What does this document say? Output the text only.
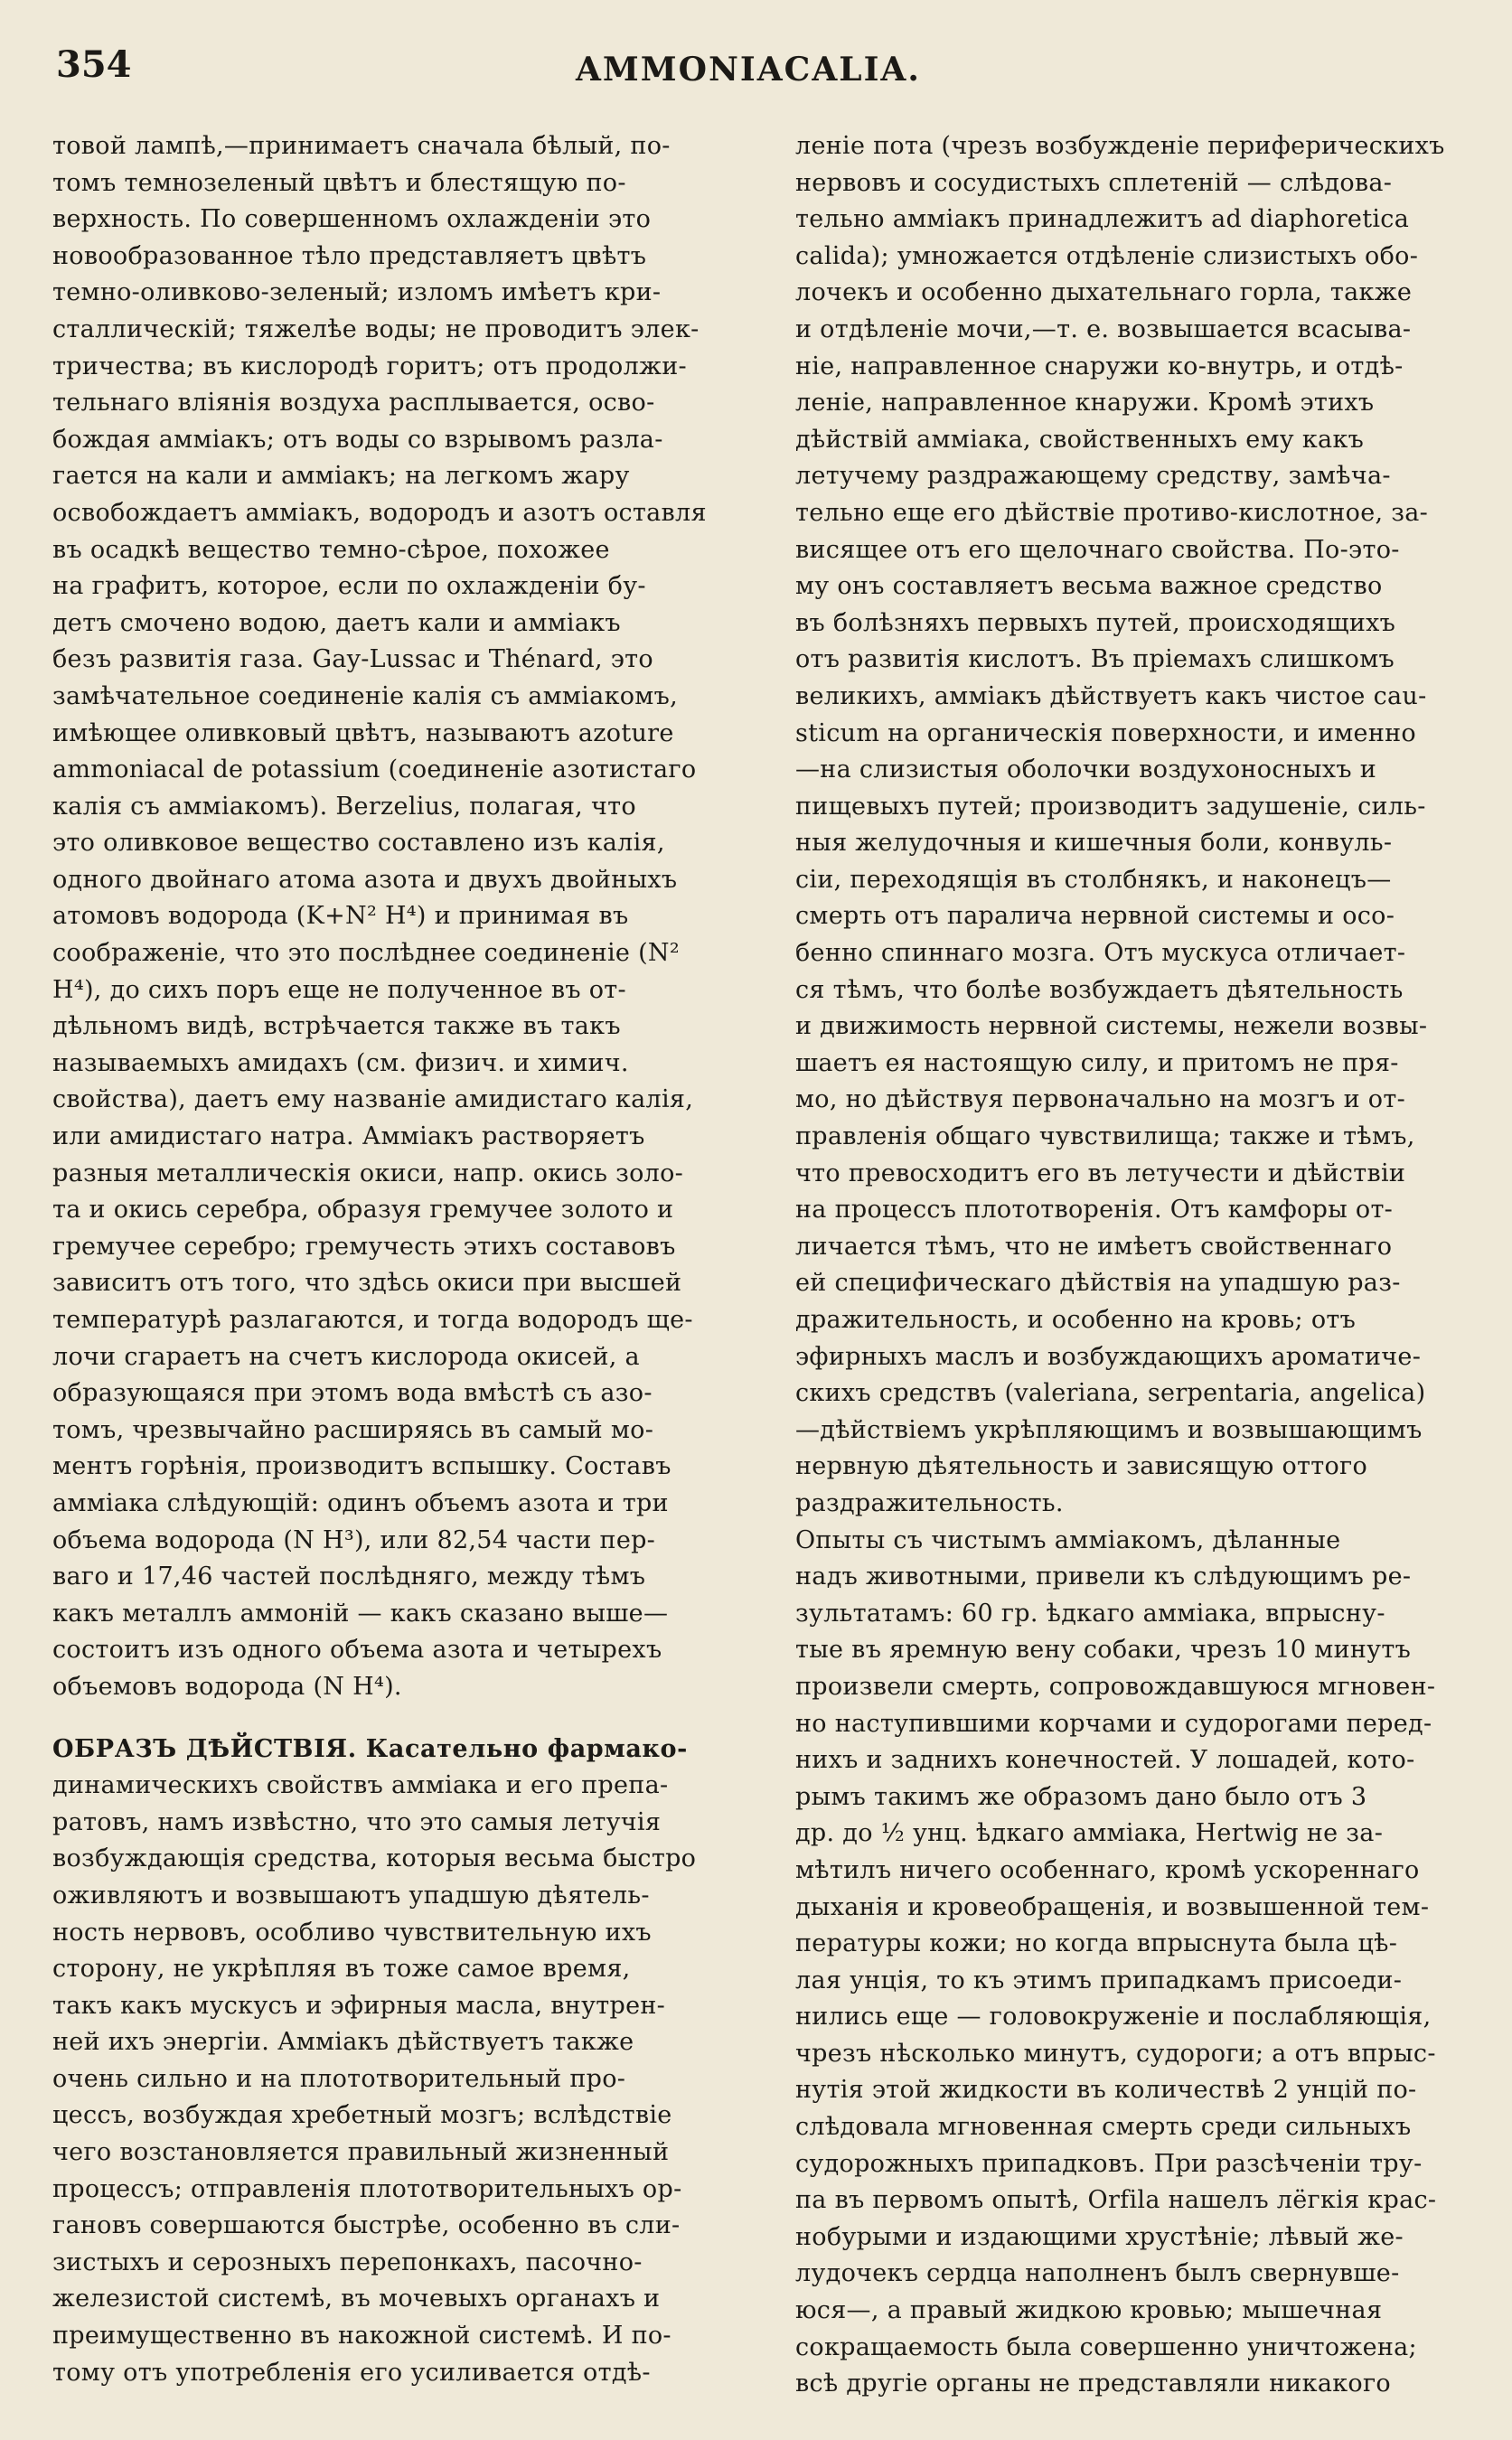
354	AMMONIACALIA.
товой лампѣ,—принимаетъ сначала бѣлый, по-
томъ темнозеленый цвѣтъ и блестящую по-
верхность. По совершенномъ охлажденіи это
новообразованное тѣло представляетъ цвѣтъ
темно-оливково-зеленый; изломъ имѣетъ кри-
сталлическій; тяжелѣе воды; не проводитъ элек-
тричества; въ кислородѣ горитъ; отъ продолжи-
тельнаго вліянія воздуха расплывается, осво-
бождая аммiакъ; отъ воды со взрывомъ разла-
гается на кали и аммiакъ; на легкомъ жару
освобождаетъ аммiакъ, водородъ и азотъ оставля
въ осадкѣ вещество темно-сѣрое, похожее
на графитъ, которое, если по охлажденіи бу-
детъ смочено водою, даетъ кали и аммiакъ
безъ развитія газа. Gay-Lussac и Thénard, это
замѣчательное соединеніе калія съ аммiакомъ,
имѣющее оливковый цвѣтъ, называютъ azoture
ammoniacal de potassium (соединеніе азотистаго
калія съ аммiакомъ). Berzelius, полагая, что
это оливковое вещество составлено изъ калія,
одного двойнаго атома азота и двухъ двойныхъ
атомовъ водорода (K+N² H⁴) и принимая въ
соображеніе, что это послѣднее соединеніе (N²
H⁴), до сихъ поръ еще не полученное въ от-
дѣльномъ видѣ, встрѣчается также въ такъ
называемыхъ амидахъ (см. физич. и химич.
свойства), даетъ ему названіе амидистаго калія,
или амидистаго натра. Аммiакъ растворяетъ
разныя металлическія окиси, напр. окись золо-
та и окись серебра, образуя гремучее золото и
гремучее серебро; гремучесть этихъ составовъ
зависитъ отъ того, что здѣсь окиси при высшей
температурѣ разлагаются, и тогда водородъ ще-
лочи сгараетъ на счетъ кислорода окисей, а
образующаяся при этомъ вода вмѣстѣ съ азо-
томъ, чрезвычайно расширяясь въ самый мо-
ментъ горѣнія, производитъ вспышку. Составъ
аммiака слѣдующій: одинъ объемъ азота и три
объема водорода (N H³), или 82,54 части пер-
ваго и 17,46 частей послѣдняго, между тѣмъ
какъ металлъ аммоній — какъ сказано выше—
состоитъ изъ одного объема азота и четырехъ
объемовъ водорода (N H⁴).
ОБРАЗЪ ДѢЙСТВІЯ. Касательно фармако-
динамическихъ свойствъ аммiака и его препа-
ратовъ, намъ извѣстно, что это самыя летучія
возбуждающія средства, которыя весьма быстро
оживляютъ и возвышаютъ упадшую дѣятель-
ность нервовъ, особливо чувствительную ихъ
сторону, не укрѣпляя въ тоже самое время,
такъ какъ мускусъ и эфирныя масла, внутрен-
ней ихъ энергіи. Аммiакъ дѣйствуетъ также
очень сильно и на плототворительный про-
цессъ, возбуждая хребетный мозгъ; вслѣдствіе
чего возстановляется правильный жизненный
процессъ; отправленія плототворительныхъ ор-
гановъ совершаются быстрѣе, особенно въ сли-
зистыхъ и серозныхъ перепонкахъ, пасочно-
железистой системѣ, въ мочевыхъ органахъ и
преимущественно въ накожной системѣ. И по-
тому отъ употребленія его усиливается отдѣ-
леніе пота (чрезъ возбужденіе периферическихъ
нервовъ и сосудистыхъ сплетеній — слѣдова-
тельно аммiакъ принадлежитъ ad diaphoretica
calida); умножается отдѣленіе слизистыхъ обо-
лочекъ и особенно дыхательнаго горла, также
и отдѣленіе мочи,—т. е. возвышается всасыва-
ніе, направленное снаружи ко-внутрь, и отдѣ-
леніе, направленное кнаружи. Кромѣ этихъ
дѣйствій аммiака, свойственныхъ ему какъ
летучему раздражающему средству, замѣча-
тельно еще его дѣйствіе противо-кислотное, за-
висящее отъ его щелочнаго свойства. По-это-
му онъ составляетъ весьма важное средство
въ болѣзняхъ первыхъ путей, происходящихъ
отъ развитія кислотъ. Въ пріемахъ слишкомъ
великихъ, аммiакъ дѣйствуетъ какъ чистое cau-
sticum на органическія поверхности, и именно
—на слизистыя оболочки воздухоносныхъ и
пищевыхъ путей; производитъ задушеніе, силь-
ныя желудочныя и кишечныя боли, конвуль-
сіи, переходящія въ столбнякъ, и наконецъ—
смерть отъ паралича нервной системы и осо-
бенно спиннаго мозга. Отъ мускуса отличает-
ся тѣмъ, что болѣе возбуждаетъ дѣятельность
и движимость нервной системы, нежели возвы-
шаетъ ея настоящую силу, и притомъ не пря-
мо, но дѣйствуя первоначально на мозгъ и от-
правленія общаго чувствилища; также и тѣмъ,
что превосходитъ его въ летучести и дѣйствіи
на процессъ плототворенія. Отъ камфоры от-
личается тѣмъ, что не имѣетъ свойственнаго
ей специфическаго дѣйствія на упадшую раз-
дражительность, и особенно на кровь; отъ
эфирныхъ маслъ и возбуждающихъ ароматиче-
скихъ средствъ (valeriana, serpentaria, angelica)
—дѣйствіемъ укрѣпляющимъ и возвышающимъ
нервную дѣятельность и зависящую оттого
раздражительность.
Опыты съ чистымъ аммiакомъ, дѣланные
надъ животными, привели къ слѣдующимъ ре-
зультатамъ: 60 гр. ѣдкаго аммiака, впрысну-
тые въ яремную вену собаки, чрезъ 10 минутъ
произвели смерть, сопровождавшуюся мгновен-
но наступившими корчами и судорогами перед-
нихъ и заднихъ конечностей. У лошадей, кото-
рымъ такимъ же образомъ дано было отъ 3
др. до ½ унц. ѣдкаго аммiака, Hertwig не за-
мѣтилъ ничего особеннаго, кромѣ ускореннаго
дыханія и кровеобращенія, и возвышенной тем-
пературы кожи; но когда впрыснута была цѣ-
лая унція, то къ этимъ припадкамъ присоеди-
нились еще — головокруженіе и послабляющія,
чрезъ нѣсколько минутъ, судороги; а отъ впрыс-
нутія этой жидкости въ количествѣ 2 унцій по-
слѣдовала мгновенная смерть среди сильныхъ
судорожныхъ припадковъ. При разсѣченіи тру-
па въ первомъ опытѣ, Orfila нашелъ лёгкія крас-
нобурыми и издающими хрустѣніе; лѣвый же-
лудочекъ сердца наполненъ былъ свернувше-
юся—, а правый жидкою кровью; мышечная
сокращаемость была совершенно уничтожена;
всѣ другіе органы не представляли никакого
